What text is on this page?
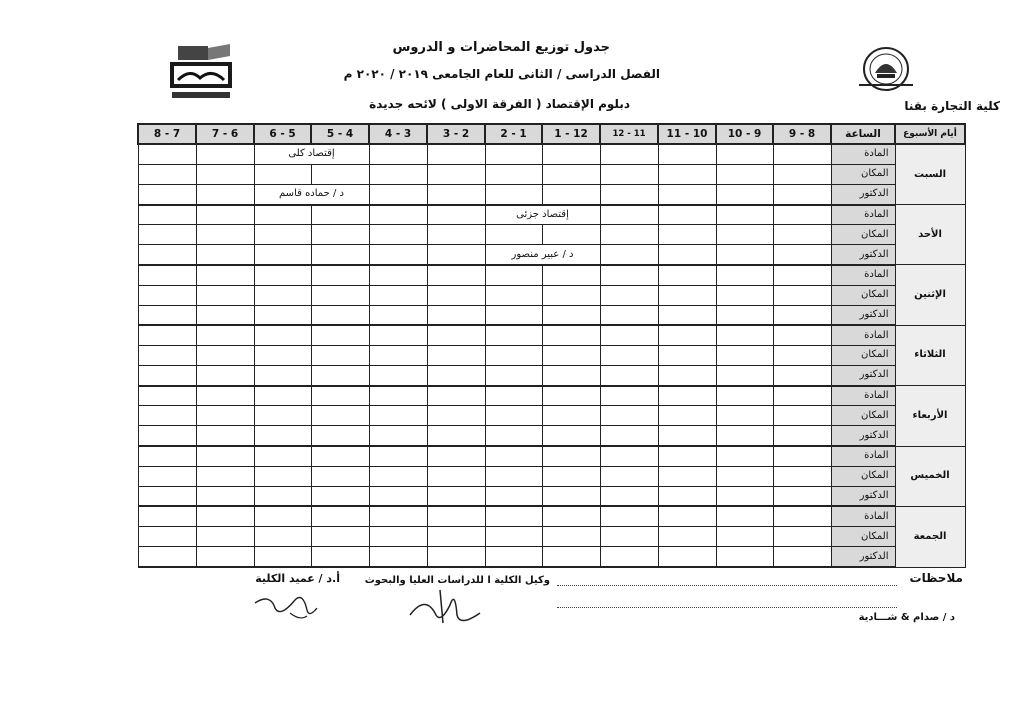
جدول توزيع المحاضرات و الدروس
الفصل الدراسى / الثانى للعام الجامعى ٢٠١٩ / ٢٠٢٠ م
دبلوم الإقتصاد ( الفرقة الاولى ) لائحه جديدة	كلية التجارة بقنا
8 - 7	7 - 6	6 - 5	5 - 4	4 - 3	3 - 2	2 - 1	1 - 12	12 - 11	11 - 10	10 - 9	9 - 8	الساعة	أيام الأسبوع
		إقتصاد كلى										المادة	السبت
												المكان	
		د / حماده قاسم										الدكتور	
						إقتصاد جزئى						المادة	الأحد
												المكان	
						د / عبير منصور						الدكتور	
												المادة	الإثنين
												المكان	
												الدكتور	
												المادة	الثلاثاء
												المكان	
												الدكتور	
												المادة	الأربعاء
												المكان	
												الدكتور	
												المادة	الخميس
												المكان	
												الدكتور	
												المادة	الجمعة
												المكان	
												الدكتور	
ملاحظات
وكيل الكلية ا للدراسات العليا والبحوث
أ.د / عميد الكلية
د / صدام & شـــادية
